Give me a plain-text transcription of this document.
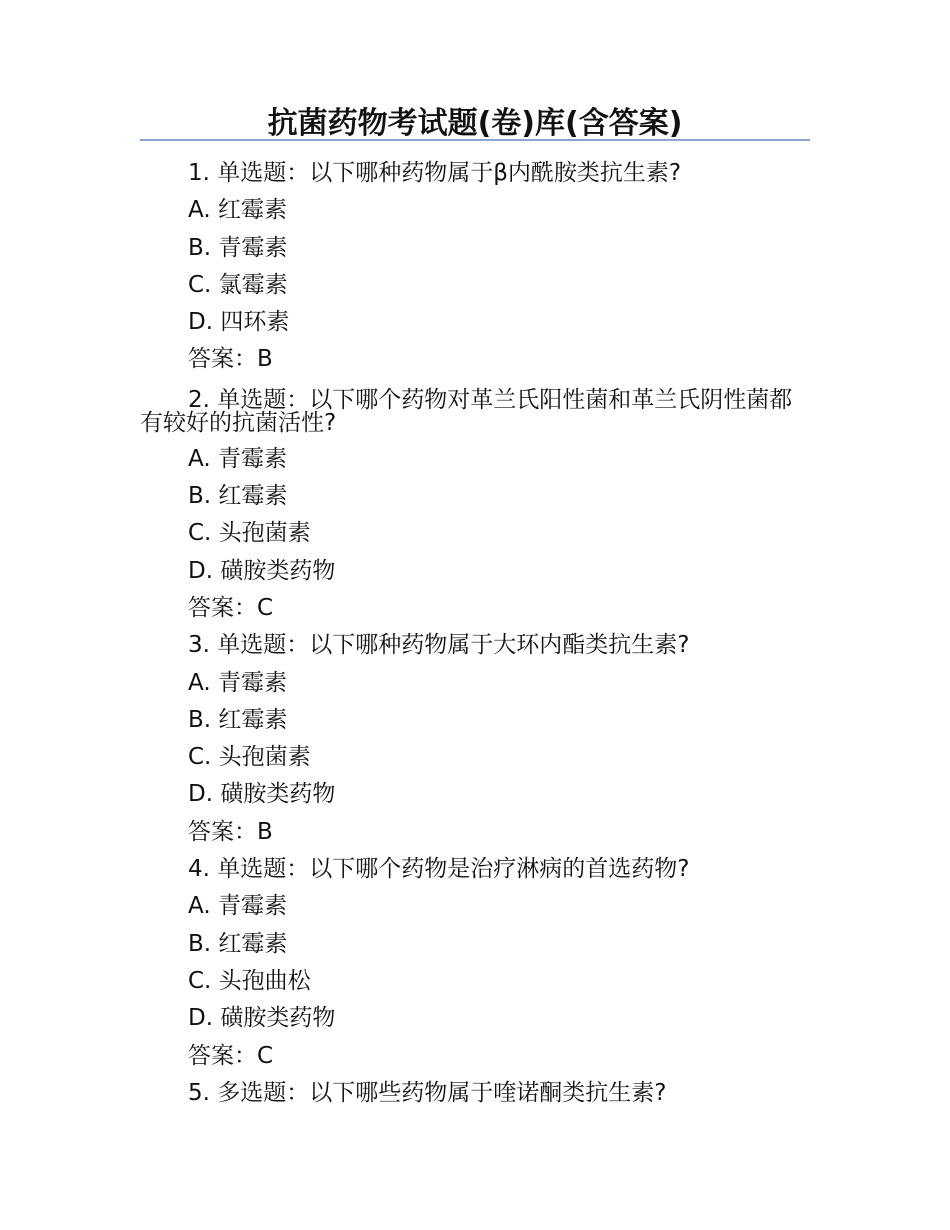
抗菌药物考试题(卷)库(含答案)
1. 单选题：以下哪种药物属于β内酰胺类抗生素?
A. 红霉素
B. 青霉素
C. 氯霉素
D. 四环素
答案：B
2. 单选题：以下哪个药物对革兰氏阳性菌和革兰氏阴性菌都有较好的抗菌活性?
A. 青霉素
B. 红霉素
C. 头孢菌素
D. 磺胺类药物
答案：C
3. 单选题：以下哪种药物属于大环内酯类抗生素?
A. 青霉素
B. 红霉素
C. 头孢菌素
D. 磺胺类药物
答案：B
4. 单选题：以下哪个药物是治疗淋病的首选药物?
A. 青霉素
B. 红霉素
C. 头孢曲松
D. 磺胺类药物
答案：C
5. 多选题：以下哪些药物属于喹诺酮类抗生素?
